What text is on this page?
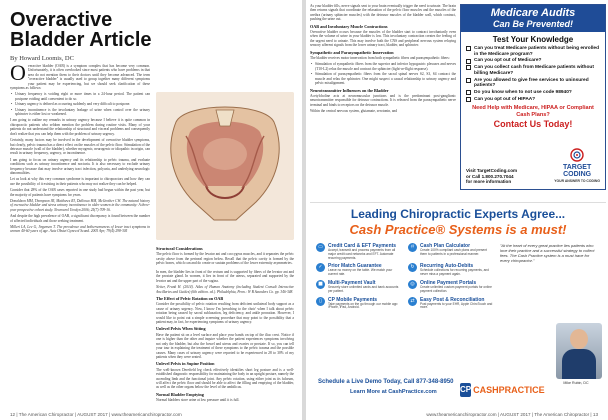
Overactive
Bladder Article
By Howard Loomis, DC

Overactive bladder (OAB) is a symptom complex that has become very common. Unfortunately, it is often overlooked since most patients who have problems in that area do not mention them to their doctors until they become advanced. The term "overactive bladder" is usually used to group together many different symptoms your patient may be experiencing, but we should seek clarification of these symptoms as follows:

• Urinary frequency is voiding eight or more times in a 24-hour period. The patient can postpone voiding until convenient to do so.
• Urinary urgency is defined as occurring suddenly and very difficult to postpone.
• Urinary incontinence is the involuntary leakage of urine when control over the urinary sphincter is either lost or weakened.

I am going to outline my remarks in urinary urgency because I believe it is quite common in chiropractic patients who seldom mention the problem during routine visits. Many of your patients do not understand the relationship of structural and visceral problems and consequently don't realize that you can help them with the problem of urinary urgency.

Certainly, many factors may be involved in the development of overactive bladder symptoms, but clearly, pelvic trauma has a direct effect on the muscles of the pelvic floor. Stimulation of the detrusor muscle (wall of the bladder), whether myogenic, neurogenic or idiopathic in origin, can result in urinary frequency, urgency, or incontinence.

I am going to focus on urinary urgency and its relationship to pelvic trauma, and evaluate conditions such as urinary incontinence and nocturia. It is also necessary to exclude urinary frequency because that may involve urinary tract infection, polyuria, and underlying neurologic abnormalities.

Let us look at why this very common syndrome is important to chiropractors and how they can use the possibility of it existing in their patients who may not realize they can be helped.

Consider that 28% of the OAB cases reported in one study had begun within the past year, but the majority of patients have symptoms for years.

Donaldson MM, Thompson JR, Matthews RJ, Dallosso HM, McGrother CW. The natural history of overactive bladder and stress urinary incontinence in older women in the community: A three-year prospective cohort study. Neurourol Urodyn 2006; 25(7):709-16.

And despite the high prevalence of OAB, a significant discrepancy is found between the number of affected individuals and those seeking treatment.

Milleri LA, Lee G, Jirgensen T. The prevalence and bothersomeness of lower tract symptoms in women 40-60 years of age. Acta Obstet Gynecol Scand. 2005 Apr; 79(4):298-305

Structural Considerations

The pelvic floor is formed by the levator ani and coccygeus muscles, and it separates the pelvic cavity above from the perineal region below. Recall that the pelvic cavity is formed by the pelvic bones, which can and do create or sustain problems of the lower extremity asymmetries.

In men, the bladder lies in front of the rectum and is supported by fibers of the levator ani and the prostate gland. In women, it lies in front of the uterus, separated and supported by the levator ani and the upper part of the vagina.

Netter, Frank H. (2014). Atlas of Human Anatomy (including Student Consult Interactive Ancillaries and Guides) (6th edition. ed.). Philadelphia, Penn.: W B Saunders Co. pp. 346-348.

The Effect of Pelvic Rotation on OAB

Consider the possibility of pelvic rotation resulting from deficient unilateral body support as a cause of urinary urgency. Now, I know I'm 'preaching to the choir' when I talk about pelvic rotation being caused by sacral subluxation, leg deficiency, and ankle pronation. However, I would like to point out a simple screening procedure that may point to the possibility that a patient may, in fact, be experiencing symptoms of urinary urgency.

Unlevel Pelvis When Sitting

Have the patient sit on a level surface and place your hands on top of the iliac crest. Notice if one is higher than the other and inquire whether the patient experiences symptoms involving not only the bladder, but also the bowel and uterus and ovaries or prostate. If so, you can tell your tour in explaining the treatment of these symptoms to the pelvic trauma and the possible causes. Many cases of urinary urgency were reported to be experienced in 28 to 30% of my patients when they were seated.

Unlevel Pelvis in Supine Position

The well-known Derefield leg check effectively identifies short leg posture and is a well-established diagnostic responsibility for maintaining the body in an upright posture, namely the ascending limb and the functional joint. Any pelvic rotation, using either joint as its fulcrum, will affect the pelvic floor and should be able to affect the filling and emptying of the bladder, as well as the other organs below the level of the umbilicus.

Normal Bladder Emptying

Normal bladders store urine at low pressure until it is full.

12 | The American Chiropractor | AUGUST 2017 | www.theamericanchiropractor.com

As your bladder fills, nerve signals sent to your brain eventually trigger the need to urinate. The brain then returns signals that coordinate the relaxation of the pelvic floor muscles and the muscles of the urethra (urinary sphincter muscles) with the detrusor muscles of the bladder wall, which contract, pushing the urine out.

OAB and Involuntary Muscle Contractions

Overactive bladder occurs because the muscles of the bladder start to contract involuntarily even when the volume of urine in your bladder is low. This involuntary contraction creates the feeling of the urgent need to urinate. This may involve both the CNS and peripheral nervous system relaying sensory afferent signals from the lower urinary tract, bladder, and sphincter.

Sympathetic and Parasympathetic Innervation

The bladder receives motor innervation from both sympathetic fibers and parasympathetic fibers:

• Stimulation of sympathetic fibers from the superior and inferior hypogastric plexuses and nerves (T10-L2) relax the muscle and contract the sphincter (fight-or-flight response).
• Stimulation of parasympathetic fibers from the sacral spinal nerves S2, S3, S4 contract the muscle and relax the sphincter. One might suspect a causal relationship to urinary urgency and pelvic misalignment.
Neurotransmitter Influences on the Bladder

Acetylcholine acts at neuromuscular junctions and is the predominant post-ganglionic neurotransmitter responsible for detrusor contractions. It is released from the parasympathetic nerve terminal and binds to receptors on the detrusor muscle.

Within the central nervous system, glutamate, serotonin, and

Medicare Audits
Can Be Prevented!
Test Your Knowledge
Can you treat Medicare patients without being enrolled in the Medicare program?
Can you opt out of Medicare?
Can you collect cash from Medicare patients without billing Medicare?
Are you allowed to give free services to uninsured patients?
Do you know when to not use code 98940?
Can you opt out of HIPAA?
Need Help with Medicare, HIPAA or Compliant Cash Plans?
Contact Us Today!
Visit TargetCoding.com
or Call 1.800.270.7044
for more information
TARGET
CODING
YOUR ANSWER TO CODING
Leading Chiropractic Experts Agree...
Cash Practice® Systems is a must!
▭	Credit Card & EFT Payments
Accept, transmit and process payments from all major credit card networks and EFT. Automate recurring payments.
＃	Cash Plan Calculator
Create 100% compliant cash plans and present them to patients in a professional manner.
✓	Prior Match Guarantee
Leave no money on the table. We match your current rate.
↻	Recurring Auto-Debits
Schedule collections for recurring payments, and never miss a payment again.
■	Multi-Payment Vault
Securely store unlimited cards and bank accounts per patient.
◎	Online Payment Portals
Create unlimited custom payment portals for online payment collection.
▯	CP Mobile Payments
Take payments on the go through our mobile app: iPhone, iPad, Android.
⇄	Easy Post & Reconciliation
Post payments to your EHR, Apple ChiroTouch and more.
"At the heart of every great practice lies patients who love their practice and a successful strategy to collect fees. The Cash Practice system is a must have for every chiropractor."
Mike Rubin, DC
Schedule a Live Demo Today, Call 877-348-8950
Learn More at CashPractice.com	CP CASHPRACTICE
www.theamericanchiropractor.com | AUGUST 2017 | The American Chiropractor | 13
